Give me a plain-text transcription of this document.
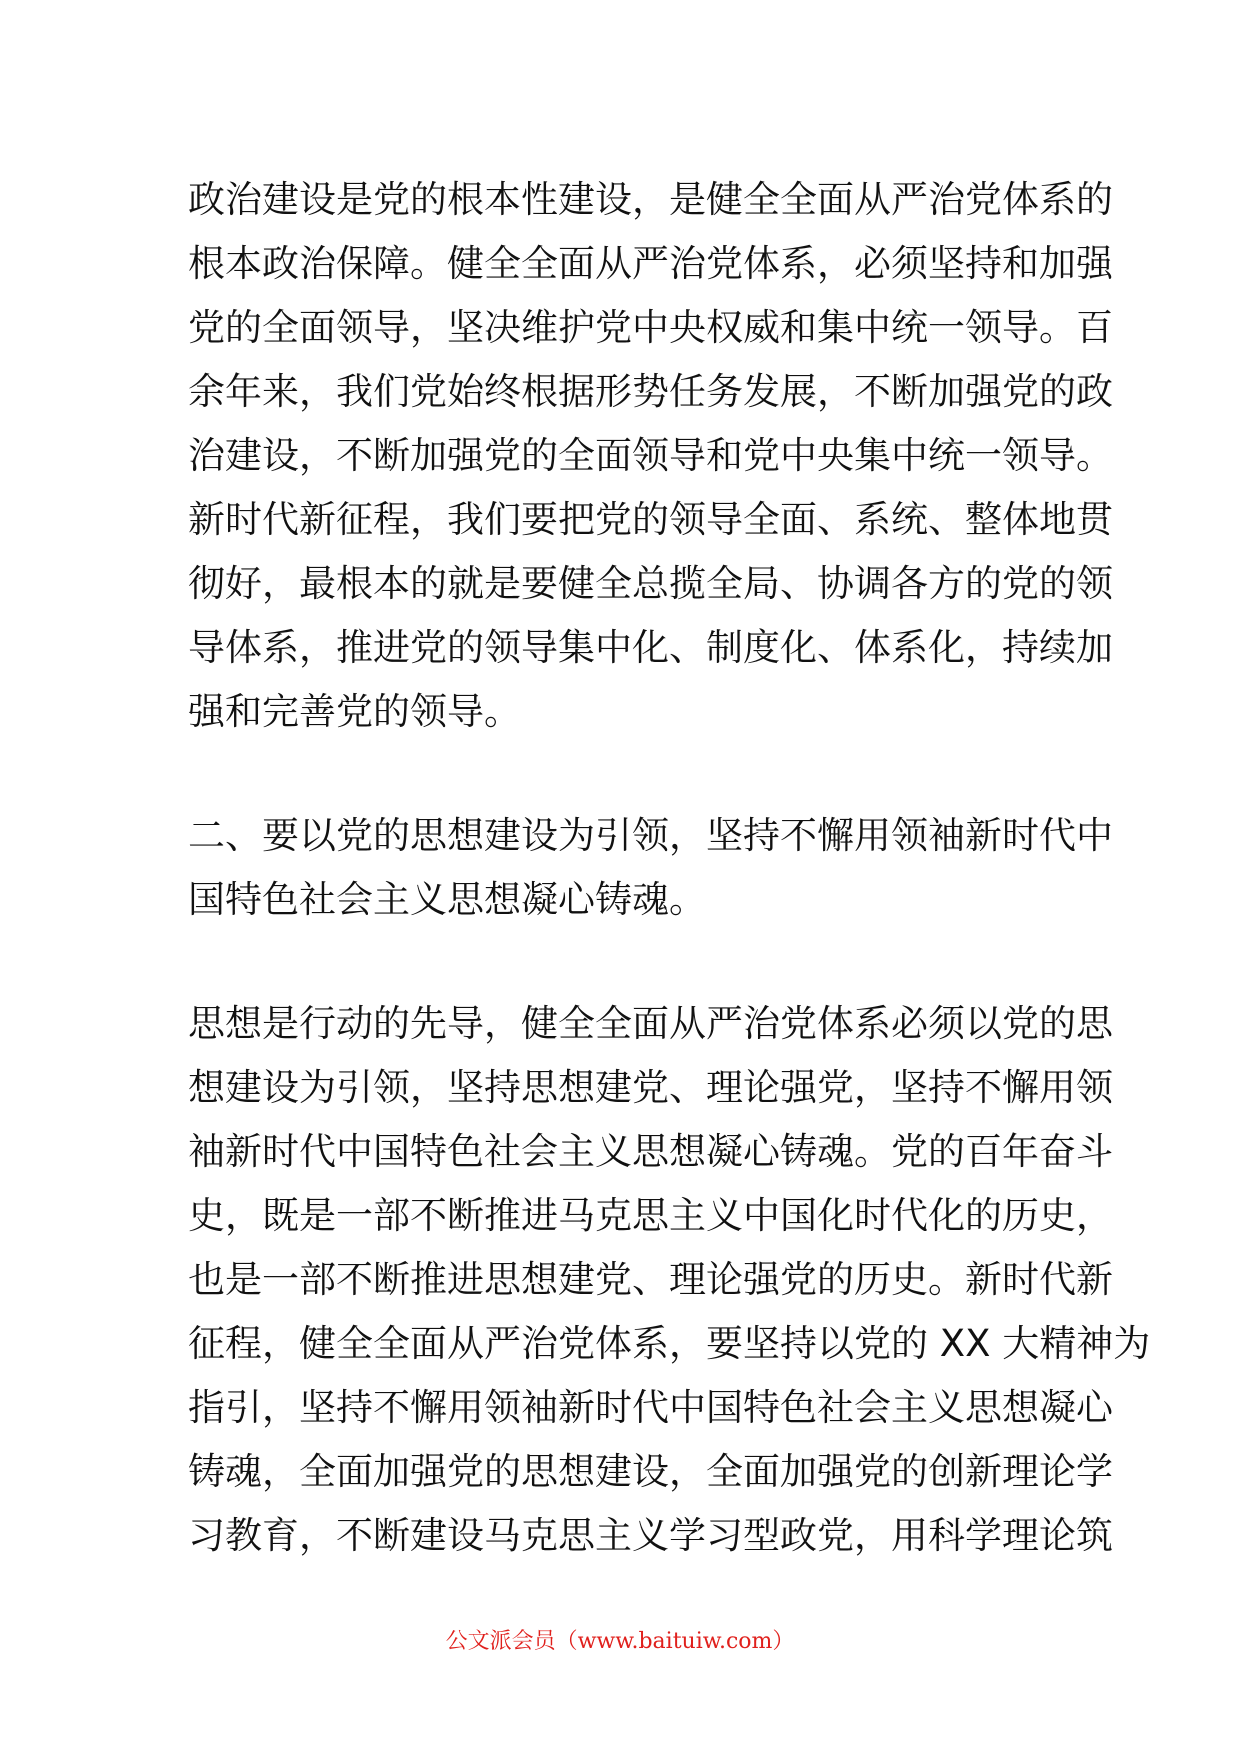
政治建设是党的根本性建设，是健全全面从严治党体系的
根本政治保障。健全全面从严治党体系，必须坚持和加强
党的全面领导，坚决维护党中央权威和集中统一领导。百
余年来，我们党始终根据形势任务发展，不断加强党的政
治建设，不断加强党的全面领导和党中央集中统一领导。
新时代新征程，我们要把党的领导全面、系统、整体地贯
彻好，最根本的就是要健全总揽全局、协调各方的党的领
导体系，推进党的领导集中化、制度化、体系化，持续加
强和完善党的领导。
二、要以党的思想建设为引领，坚持不懈用领袖新时代中
国特色社会主义思想凝心铸魂。
思想是行动的先导，健全全面从严治党体系必须以党的思
想建设为引领，坚持思想建党、理论强党，坚持不懈用领
袖新时代中国特色社会主义思想凝心铸魂。党的百年奋斗
史，既是一部不断推进马克思主义中国化时代化的历史，
也是一部不断推进思想建党、理论强党的历史。新时代新
征程，健全全面从严治党体系，要坚持以党的 XX 大精神为
指引，坚持不懈用领袖新时代中国特色社会主义思想凝心
铸魂，全面加强党的思想建设，全面加强党的创新理论学
习教育，不断建设马克思主义学习型政党，用科学理论筑
公文派会员（www.baituiw.com）
